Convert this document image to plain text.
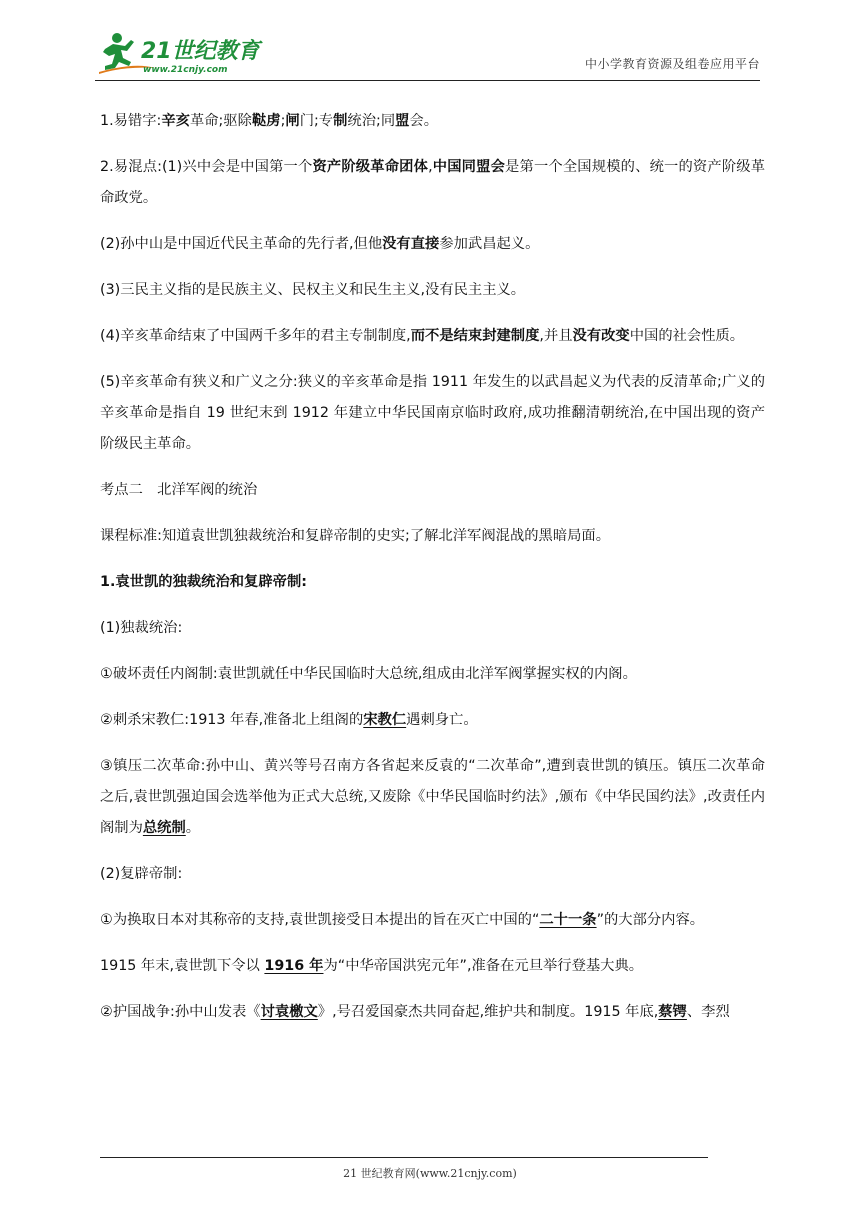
21世纪教育
www.21cnjy.com	中小学教育资源及组卷应用平台

1.易错字:辛亥革命;驱除鞑虏;闸门;专制统治;同盟会。

2.易混点:(1)兴中会是中国第一个资产阶级革命团体,中国同盟会是第一个全国规模的、统一的资产阶级革命政党。

(2)孙中山是中国近代民主革命的先行者,但他没有直接参加武昌起义。

(3)三民主义指的是民族主义、民权主义和民生主义,没有民主主义。

(4)辛亥革命结束了中国两千多年的君主专制制度,而不是结束封建制度,并且没有改变中国的社会性质。

(5)辛亥革命有狭义和广义之分:狭义的辛亥革命是指 1911 年发生的以武昌起义为代表的反清革命;广义的辛亥革命是指自 19 世纪末到 1912 年建立中华民国南京临时政府,成功推翻清朝统治,在中国出现的资产阶级民主革命。

考点二　北洋军阀的统治

课程标准:知道袁世凯独裁统治和复辟帝制的史实;了解北洋军阀混战的黑暗局面。

1.袁世凯的独裁统治和复辟帝制:

(1)独裁统治:

①破坏责任内阁制:袁世凯就任中华民国临时大总统,组成由北洋军阀掌握实权的内阁。

②刺杀宋教仁:1913 年春,准备北上组阁的宋教仁遇刺身亡。

③镇压二次革命:孙中山、黄兴等号召南方各省起来反袁的“二次革命”,遭到袁世凯的镇压。镇压二次革命之后,袁世凯强迫国会选举他为正式大总统,又废除《中华民国临时约法》,颁布《中华民国约法》,改责任内阁制为总统制。

(2)复辟帝制:

①为换取日本对其称帝的支持,袁世凯接受日本提出的旨在灭亡中国的“二十一条”的大部分内容。

1915 年末,袁世凯下令以 1916 年为“中华帝国洪宪元年”,准备在元旦举行登基大典。

②护国战争:孙中山发表《讨袁檄文》,号召爱国豪杰共同奋起,维护共和制度。1915 年底,蔡锷、李烈

21 世纪教育网(www.21cnjy.com)
